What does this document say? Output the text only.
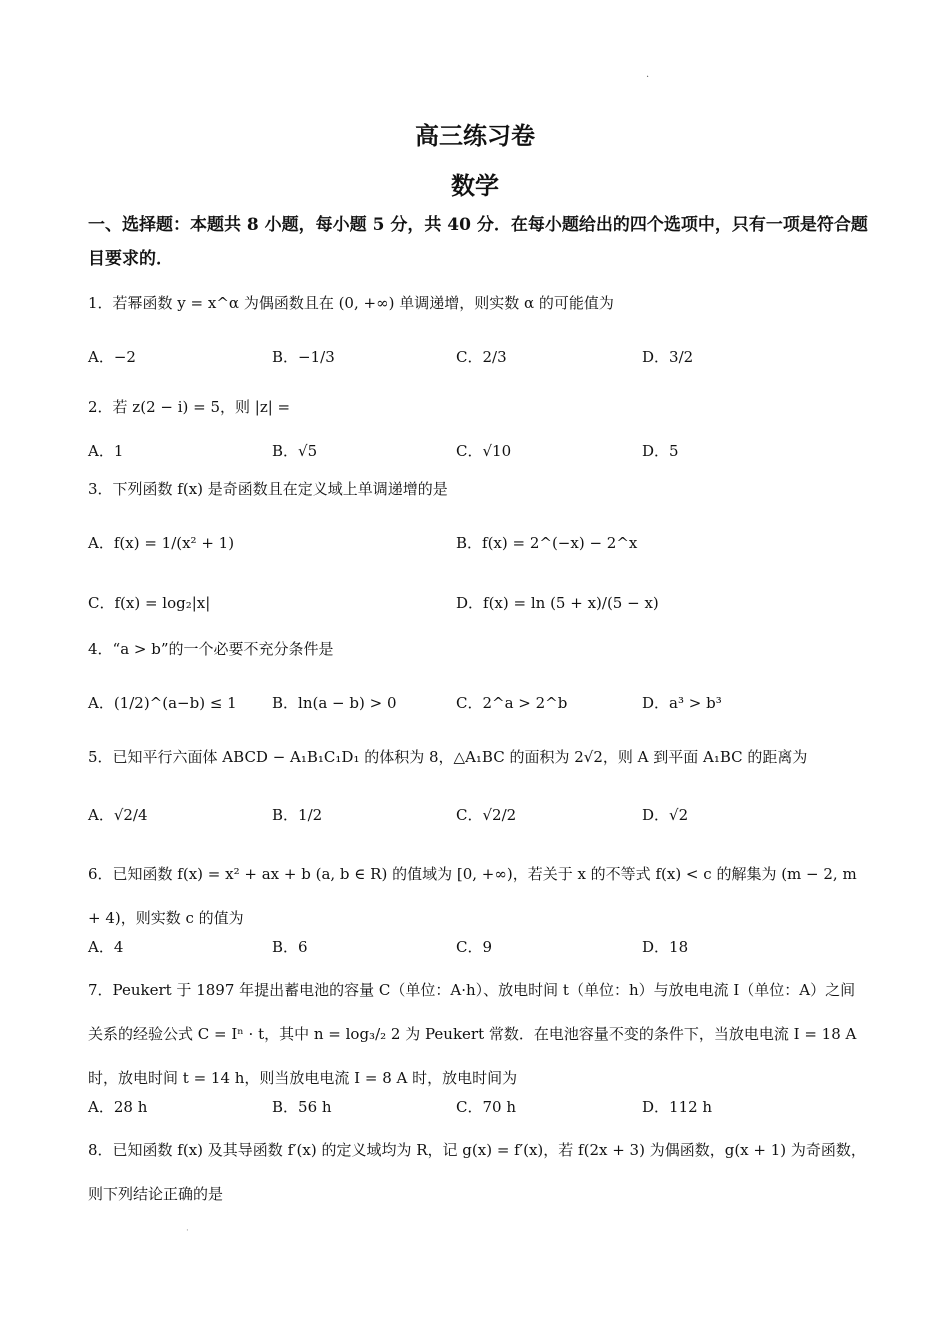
·
高三练习卷
数学
一、选择题：本题共 8 小题，每小题 5 分，共 40 分．在每小题给出的四个选项中，只有一项是符合题目要求的．
1．若幂函数 y = x^α 为偶函数且在 (0, +∞) 单调递增，则实数 α 的可能值为
A．−2	B．−1/3	C．2/3	D．3/2
2．若 z(2 − i) = 5，则 |z| =
A．1	B．√5	C．√10	D．5
3．下列函数 f(x) 是奇函数且在定义域上单调递增的是
A．f(x) = 1/(x² + 1)	B．f(x) = 2^(−x) − 2^x
C．f(x) = log₂|x|	D．f(x) = ln (5 + x)/(5 − x)
4．“a > b”的一个必要不充分条件是
A．(1/2)^(a−b) ≤ 1 B．ln(a − b) > 0	C．2^a > 2^b	D．a³ > b³
5．已知平行六面体 ABCD − A₁B₁C₁D₁ 的体积为 8，△A₁BC 的面积为 2√2，则 A 到平面 A₁BC 的距离为
A．√2/4	B．1/2	C．√2/2	D．√2
6．已知函数 f(x) = x² + ax + b (a, b ∈ R) 的值域为 [0, +∞)，若关于 x 的不等式 f(x) < c 的解集为 (m − 2, m + 4)，则实数 c 的值为
A．4	B．6	C．9	D．18
7．Peukert 于 1897 年提出蓄电池的容量 C（单位：A·h）、放电时间 t（单位：h）与放电电流 I（单位：A）之间关系的经验公式 C = Iⁿ · t，其中 n = log₃/₂ 2 为 Peukert 常数．在电池容量不变的条件下，当放电电流 I = 18 A 时，放电时间 t = 14 h，则当放电电流 I = 8 A 时，放电时间为
A．28 h	B．56 h	C．70 h	D．112 h
8．已知函数 f(x) 及其导函数 f′(x) 的定义域均为 R，记 g(x) = f′(x)，若 f(2x + 3) 为偶函数，g(x + 1) 为奇函数，则下列结论正确的是
·
